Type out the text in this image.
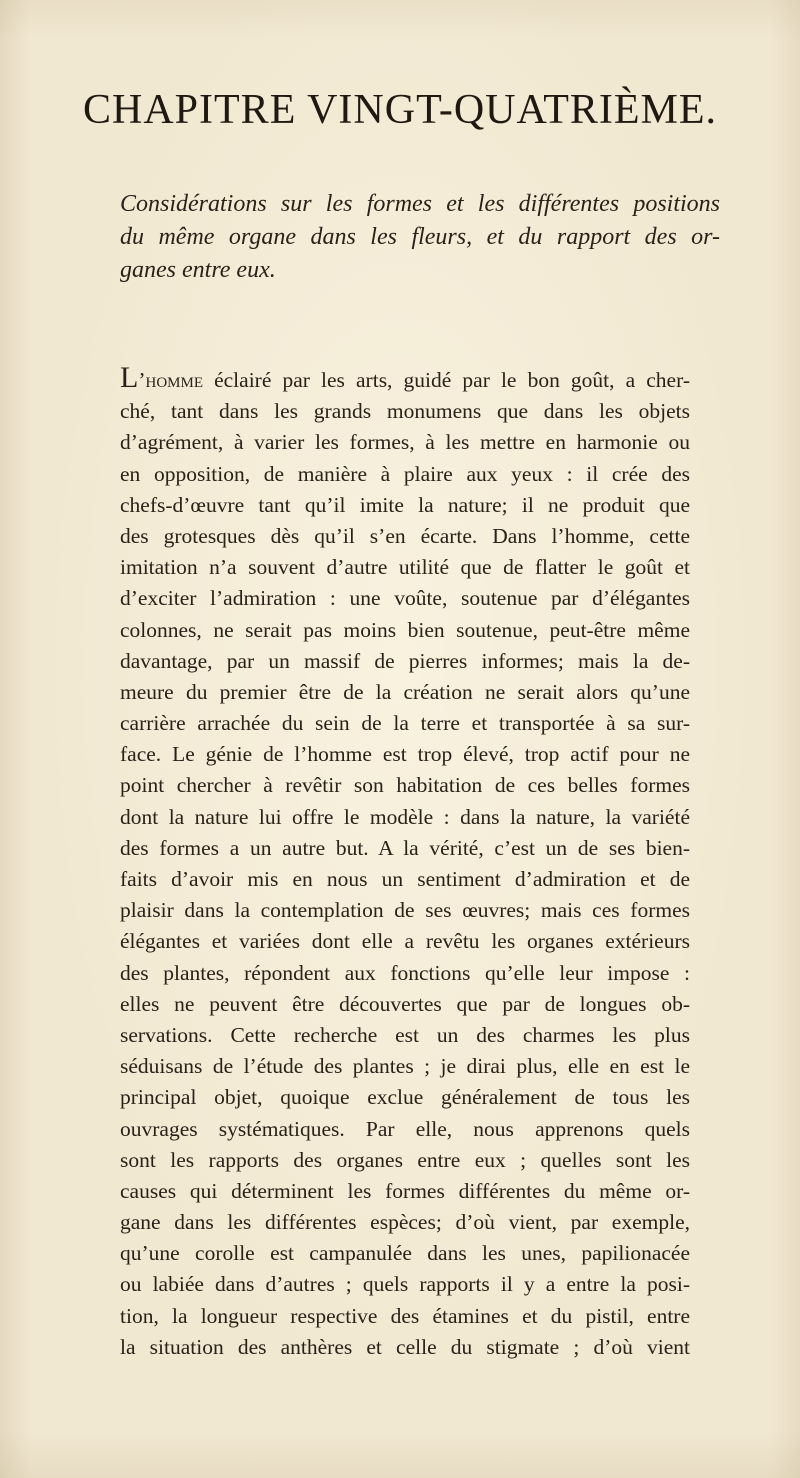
CHAPITRE VINGT-QUATRIÈME.
Considérations sur les formes et les différentes positions
du même organe dans les fleurs, et du rapport des or-
ganes entre eux.
L’homme éclairé par les arts, guidé par le bon goût, a cher-
ché, tant dans les grands monumens que dans les objets
d’agrément, à varier les formes, à les mettre en harmonie ou
en opposition, de manière à plaire aux yeux : il crée des
chefs-d’œuvre tant qu’il imite la nature; il ne produit que
des grotesques dès qu’il s’en écarte. Dans l’homme, cette
imitation n’a souvent d’autre utilité que de flatter le goût et
d’exciter l’admiration : une voûte, soutenue par d’élégantes
colonnes, ne serait pas moins bien soutenue, peut-être même
davantage, par un massif de pierres informes; mais la de-
meure du premier être de la création ne serait alors qu’une
carrière arrachée du sein de la terre et transportée à sa sur-
face. Le génie de l’homme est trop élevé, trop actif pour ne
point chercher à revêtir son habitation de ces belles formes
dont la nature lui offre le modèle : dans la nature, la variété
des formes a un autre but. A la vérité, c’est un de ses bien-
faits d’avoir mis en nous un sentiment d’admiration et de
plaisir dans la contemplation de ses œuvres; mais ces formes
élégantes et variées dont elle a revêtu les organes extérieurs
des plantes, répondent aux fonctions qu’elle leur impose :
elles ne peuvent être découvertes que par de longues ob-
servations. Cette recherche est un des charmes les plus
séduisans de l’étude des plantes ; je dirai plus, elle en est le
principal objet, quoique exclue généralement de tous les
ouvrages systématiques. Par elle, nous apprenons quels
sont les rapports des organes entre eux ; quelles sont les
causes qui déterminent les formes différentes du même or-
gane dans les différentes espèces; d’où vient, par exemple,
qu’une corolle est campanulée dans les unes, papilionacée
ou labiée dans d’autres ; quels rapports il y a entre la posi-
tion, la longueur respective des étamines et du pistil, entre
la situation des anthères et celle du stigmate ; d’où vient
